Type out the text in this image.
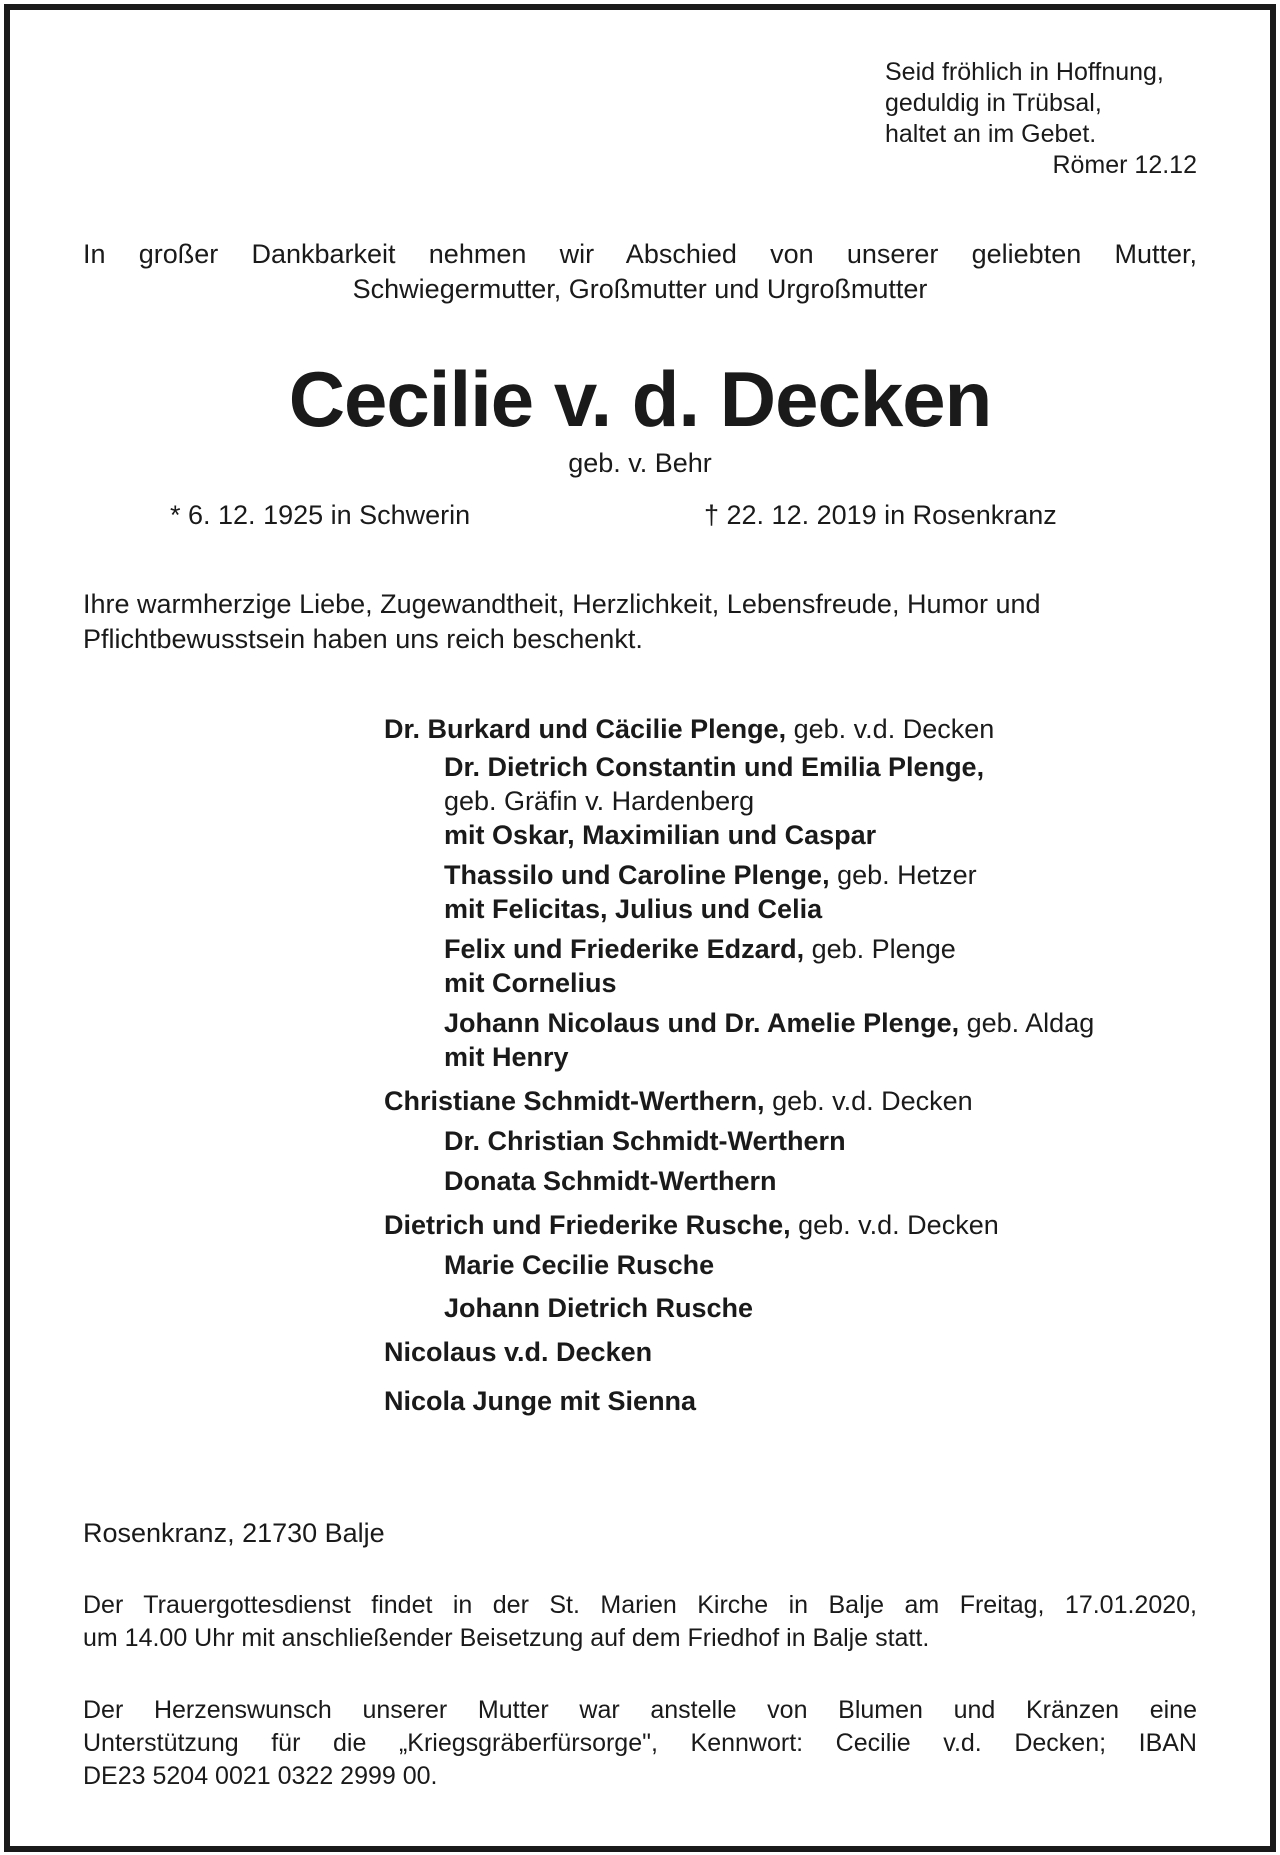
Seid fröhlich in Hoffnung,
geduldig in Trübsal,
haltet an im Gebet.
Römer 12.12
In großer Dankbarkeit nehmen wir Abschied von unserer geliebten Mutter,
Schwiegermutter, Großmutter und Urgroßmutter
Cecilie v. d. Decken
geb. v. Behr
* 6. 12. 1925 in Schwerin	† 22. 12. 2019 in Rosenkranz
Ihre warmherzige Liebe, Zugewandtheit, Herzlichkeit, Lebensfreude, Humor und
Pflichtbewusstsein haben uns reich beschenkt.
Dr. Burkard und Cäcilie Plenge, geb. v.d. Decken
Dr. Dietrich Constantin und Emilia Plenge,
geb. Gräfin v. Hardenberg
mit Oskar, Maximilian und Caspar
Thassilo und Caroline Plenge, geb. Hetzer
mit Felicitas, Julius und Celia
Felix und Friederike Edzard, geb. Plenge
mit Cornelius
Johann Nicolaus und Dr. Amelie Plenge, geb. Aldag
mit Henry
Christiane Schmidt-Werthern, geb. v.d. Decken
Dr. Christian Schmidt-Werthern
Donata Schmidt-Werthern
Dietrich und Friederike Rusche, geb. v.d. Decken
Marie Cecilie Rusche
Johann Dietrich Rusche
Nicolaus v.d. Decken
Nicola Junge mit Sienna
Rosenkranz, 21730 Balje
Der Trauergottesdienst findet in der St. Marien Kirche in Balje am Freitag, 17.01.2020,
um 14.00 Uhr mit anschließender Beisetzung auf dem Friedhof in Balje statt.
Der Herzenswunsch unserer Mutter war anstelle von Blumen und Kränzen eine
Unterstützung für die „Kriegsgräberfürsorge", Kennwort: Cecilie v.d. Decken; IBAN
DE23 5204 0021 0322 2999 00.
